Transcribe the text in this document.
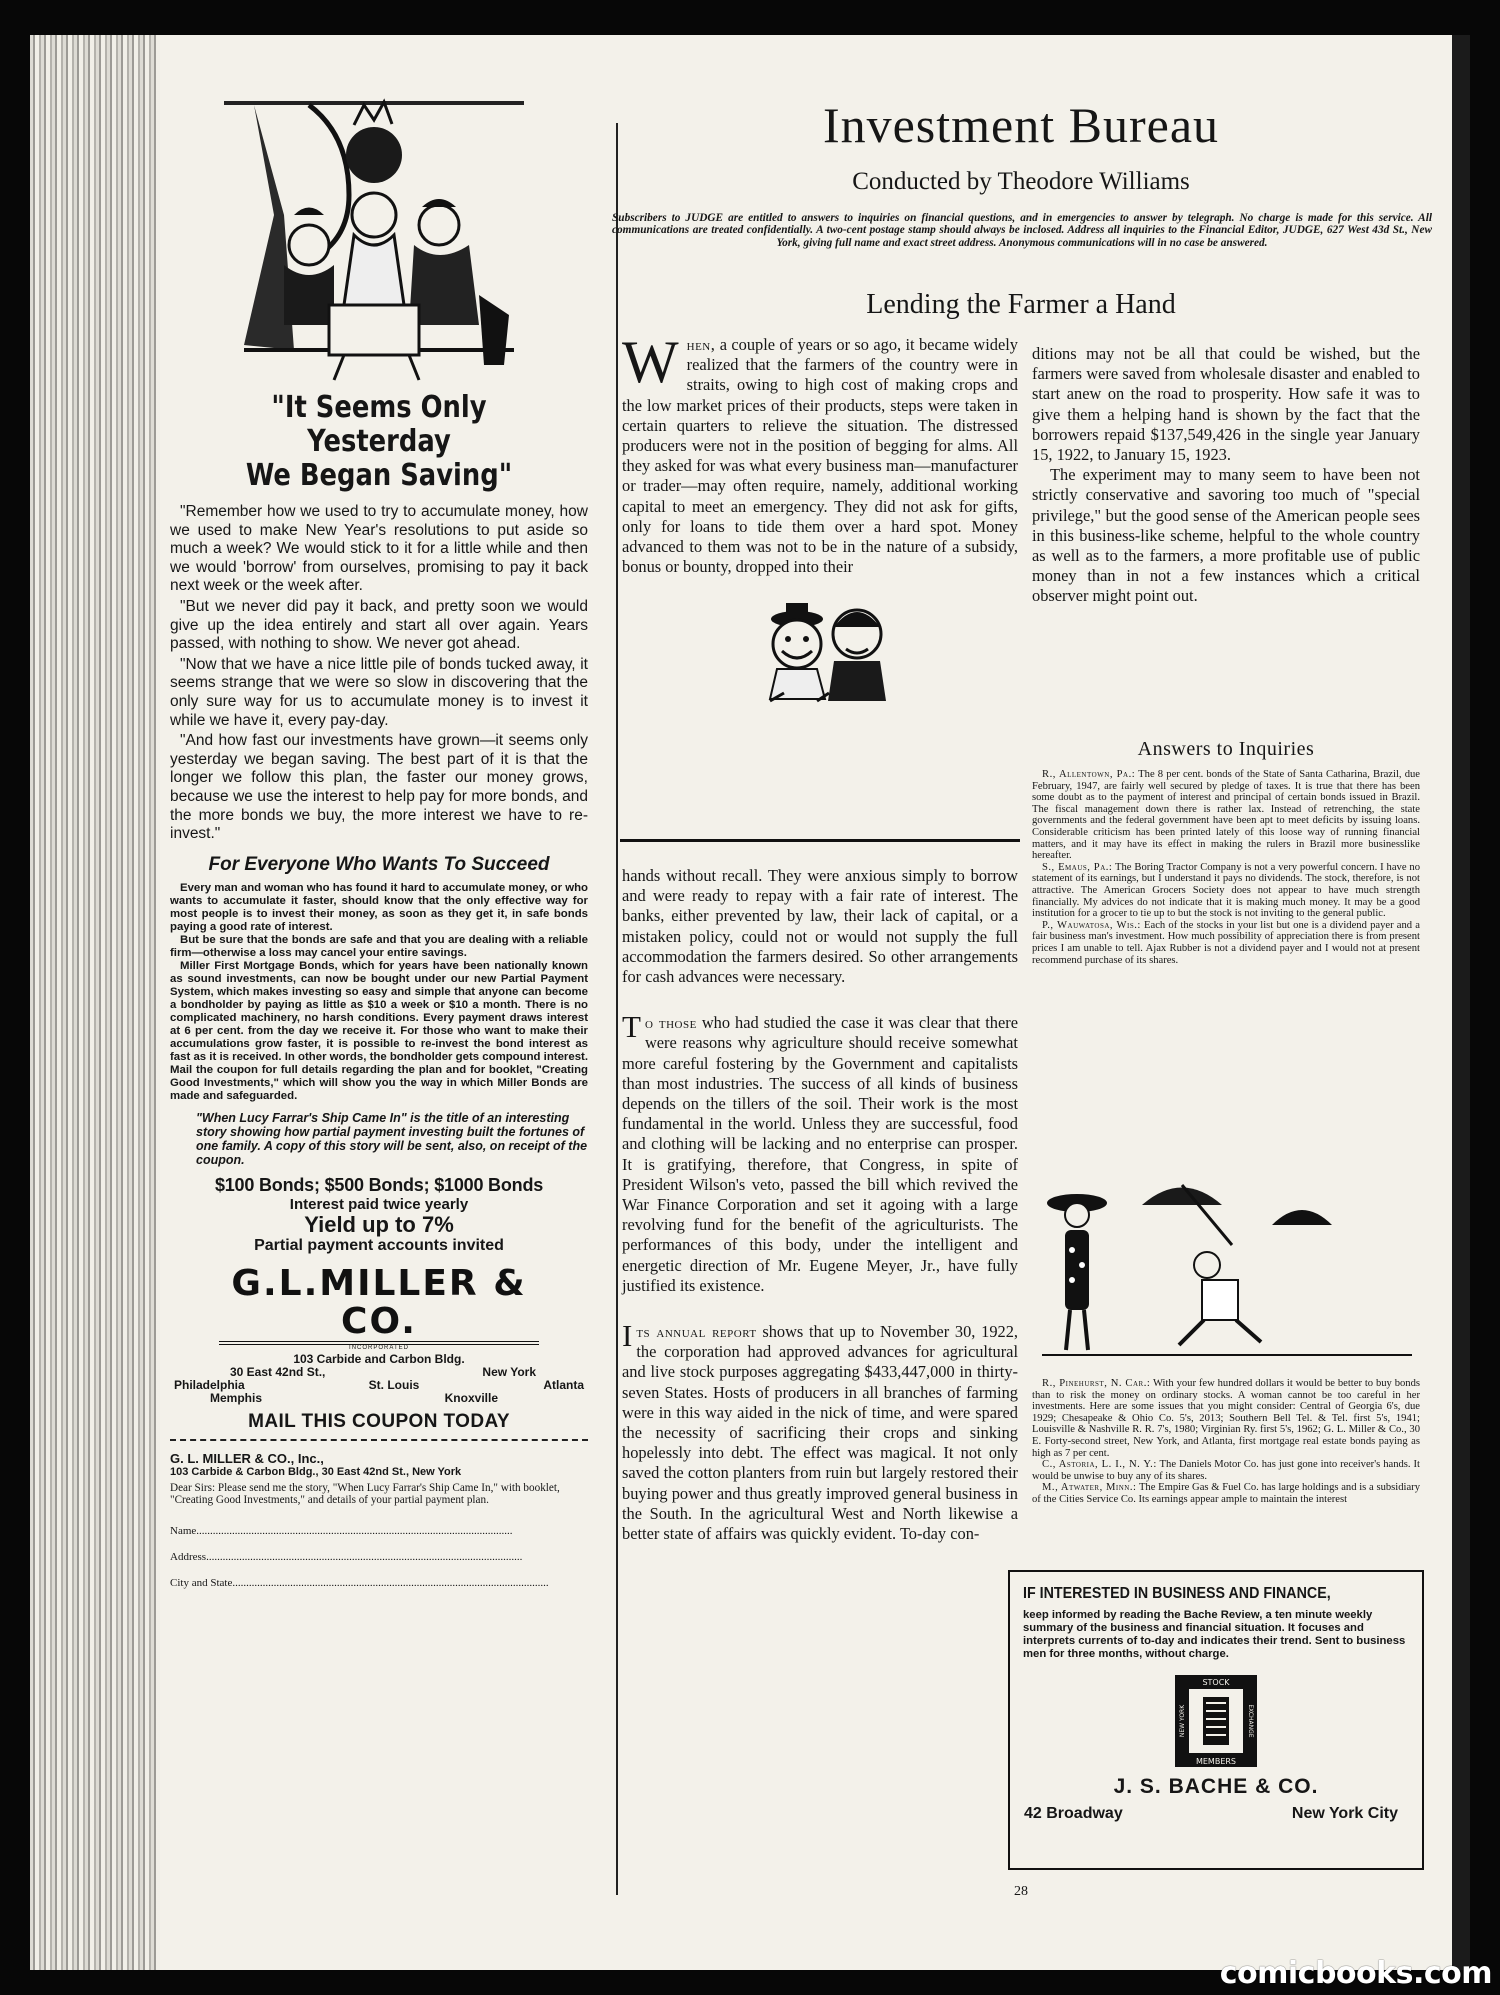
"It Seems Only Yesterday
We Began Saving"

"Remember how we used to try to accumulate money, how we used to make New Year's resolutions to put aside so much a week? We would stick to it for a little while and then we would 'borrow' from ourselves, promising to pay it back next week or the week after.

"But we never did pay it back, and pretty soon we would give up the idea entirely and start all over again. Years passed, with nothing to show. We never got ahead.

"Now that we have a nice little pile of bonds tucked away, it seems strange that we were so slow in discovering that the only sure way for us to accumulate money is to invest it while we have it, every pay-day.

"And how fast our investments have grown—it seems only yesterday we began saving. The best part of it is that the longer we follow this plan, the faster our money grows, because we use the interest to help pay for more bonds, and the more bonds we buy, the more interest we have to re-invest."

For Everyone Who Wants To Succeed

Every man and woman who has found it hard to accumulate money, or who wants to accumulate it faster, should know that the only effective way for most people is to invest their money, as soon as they get it, in safe bonds paying a good rate of interest.

But be sure that the bonds are safe and that you are dealing with a reliable firm—otherwise a loss may cancel your entire savings.

Miller First Mortgage Bonds, which for years have been nationally known as sound investments, can now be bought under our new Partial Payment System, which makes investing so easy and simple that anyone can become a bondholder by paying as little as $10 a week or $10 a month. There is no complicated machinery, no harsh conditions. Every payment draws interest at 6 per cent. from the day we receive it. For those who want to make their accumulations grow faster, it is possible to re-invest the bond interest as fast as it is received. In other words, the bondholder gets compound interest. Mail the coupon for full details regarding the plan and for booklet, "Creating Good Investments," which will show you the way in which Miller Bonds are made and safeguarded.

"When Lucy Farrar's Ship Came In" is the title of an interesting story showing how partial payment investing built the fortunes of one family. A copy of this story will be sent, also, on receipt of the coupon.
$100 Bonds; $500 Bonds; $1000 Bonds
Interest paid twice yearly
Yield up to 7%
Partial payment accounts invited
G.L.MILLER & CO.
INCORPORATED
103 Carbide and Carbon Bldg.
30 East 42nd St.,	New York
Philadelphia	St. Louis	Atlanta
Memphis	Knoxville
MAIL THIS COUPON TODAY
G. L. MILLER & CO., Inc.,
103 Carbide & Carbon Bldg., 30 East 42nd St., New York
Dear Sirs: Please send me the story, "When Lucy Farrar's Ship Came In," with booklet, "Creating Good Investments," and details of your partial payment plan.
Name...................................................................................................................
Address...................................................................................................................
City and State...................................................................................................................
Investment Bureau
Conducted by Theodore Williams
Subscribers to JUDGE are entitled to answers to inquiries on financial questions, and in emergencies to answer by telegraph. No charge is made for this service. All communications are treated confidentially. A two-cent postage stamp should always be inclosed. Address all inquiries to the Financial Editor, JUDGE, 627 West 43d St., New York, giving full name and exact street address. Anonymous communications will in no case be answered.
Lending the Farmer a Hand

When, a couple of years or so ago, it became widely realized that the farmers of the country were in straits, owing to high cost of making crops and the low market prices of their products, steps were taken in certain quarters to relieve the situation. The distressed producers were not in the position of begging for alms. All they asked for was what every business man—manufacturer or trader—may often require, namely, additional working capital to meet an emergency. They did not ask for gifts, only for loans to tide them over a hard spot. Money advanced to them was not to be in the nature of a subsidy, bonus or bounty, dropped into their

hands without recall. They were anxious simply to borrow and were ready to repay with a fair rate of interest. The banks, either prevented by law, their lack of capital, or a mistaken policy, could not or would not supply the full accommodation the farmers desired. So other arrangements for cash advances were necessary.

To those who had studied the case it was clear that there were reasons why agriculture should receive somewhat more careful fostering by the Government and capitalists than most industries. The success of all kinds of business depends on the tillers of the soil. Their work is the most fundamental in the world. Unless they are successful, food and clothing will be lacking and no enterprise can prosper. It is gratifying, therefore, that Congress, in spite of President Wilson's veto, passed the bill which revived the War Finance Corporation and set it agoing with a large revolving fund for the benefit of the agriculturists. The performances of this body, under the intelligent and energetic direction of Mr. Eugene Meyer, Jr., have fully justified its existence.

Its annual report shows that up to November 30, 1922, the corporation had approved advances for agricultural and live stock purposes aggregating $433,447,000 in thirty-seven States. Hosts of producers in all branches of farming were in this way aided in the nick of time, and were spared the necessity of sacrificing their crops and sinking hopelessly into debt. The effect was magical. It not only saved the cotton planters from ruin but largely restored their buying power and thus greatly improved general business in the South. In the agricultural West and North likewise a better state of affairs was quickly evident. To-day con-

ditions may not be all that could be wished, but the farmers were saved from wholesale disaster and enabled to start anew on the road to prosperity. How safe it was to give them a helping hand is shown by the fact that the borrowers repaid $137,549,426 in the single year January 15, 1922, to January 15, 1923.

The experiment may to many seem to have been not strictly conservative and savoring too much of "special privilege," but the good sense of the American people sees in this business-like scheme, helpful to the whole country as well as to the farmers, a more profitable use of public money than in not a few instances which a critical observer might point out.

Answers to Inquiries

R., Allentown, Pa.: The 8 per cent. bonds of the State of Santa Catharina, Brazil, due February, 1947, are fairly well secured by pledge of taxes. It is true that there has been some doubt as to the payment of interest and principal of certain bonds issued in Brazil. The fiscal management down there is rather lax. Instead of retrenching, the state governments and the federal government have been apt to meet deficits by issuing loans. Considerable criticism has been printed lately of this loose way of running financial matters, and it may have its effect in making the rulers in Brazil more businesslike hereafter.

S., Emaus, Pa.: The Boring Tractor Company is not a very powerful concern. I have no statement of its earnings, but I understand it pays no dividends. The stock, therefore, is not attractive. The American Grocers Society does not appear to have much strength financially. My advices do not indicate that it is making much money. It may be a good institution for a grocer to tie up to but the stock is not inviting to the general public.

P., Wauwatosa, Wis.: Each of the stocks in your list but one is a dividend payer and a fair business man's investment. How much possibility of appreciation there is from present prices I am unable to tell. Ajax Rubber is not a dividend payer and I would not at present recommend purchase of its shares.

R., Pinehurst, N. Car.: With your few hundred dollars it would be better to buy bonds than to risk the money on ordinary stocks. A woman cannot be too careful in her investments. Here are some issues that you might consider: Central of Georgia 6's, due 1929; Chesapeake & Ohio Co. 5's, 2013; Southern Bell Tel. & Tel. first 5's, 1941; Louisville & Nashville R. R. 7's, 1980; Virginian Ry. first 5's, 1962; G. L. Miller & Co., 30 E. Forty-second street, New York, and Atlanta, first mortgage real estate bonds paying as high as 7 per cent.

C., Astoria, L. I., N. Y.: The Daniels Motor Co. has just gone into receiver's hands. It would be unwise to buy any of its shares.

M., Atwater, Minn.: The Empire Gas & Fuel Co. has large holdings and is a subsidiary of the Cities Service Co. Its earnings appear ample to maintain the interest

IF INTERESTED IN BUSINESS AND FINANCE,
keep informed by reading the Bache Review, a ten minute weekly summary of the business and financial situation. It focuses and interprets currents of to-day and indicates their trend. Sent to business men for three months, without charge.
STOCK
MEMBERS
NEW YORK	EXCHANGE
J. S. BACHE & CO.
42 Broadway	New York City
28
comicbooks.com
